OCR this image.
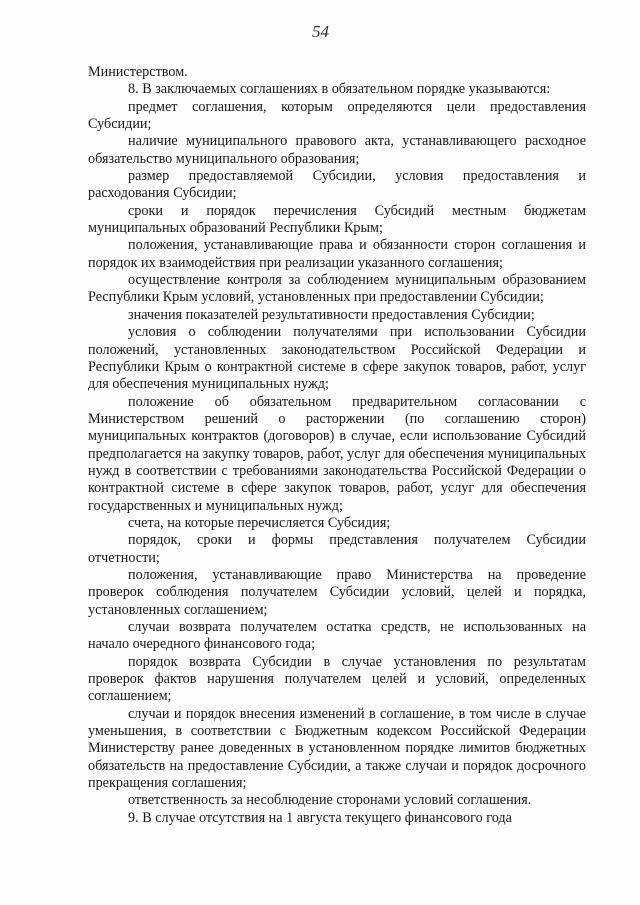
54

Министерством.

8. В заключаемых соглашениях в обязательном порядке указываются:

предмет соглашения, которым определяются цели предоставления Субсидии;

наличие муниципального правового акта, устанавливающего расходное обязательство муниципального образования;

размер предоставляемой Субсидии, условия предоставления и расходования Субсидии;

сроки и порядок перечисления Субсидий местным бюджетам муниципальных образований Республики Крым;

положения, устанавливающие права и обязанности сторон соглашения и порядок их взаимодействия при реализации указанного соглашения;

осуществление контроля за соблюдением муниципальным образованием Республики Крым условий, установленных при предоставлении Субсидии;

значения показателей результативности предоставления Субсидии;

условия о соблюдении получателями при использовании Субсидии положений, установленных законодательством Российской Федерации и Республики Крым о контрактной системе в сфере закупок товаров, работ, услуг для обеспечения муниципальных нужд;

положение об обязательном предварительном согласовании с Министерством решений о расторжении (по соглашению сторон) муниципальных контрактов (договоров) в случае, если использование Субсидий предполагается на закупку товаров, работ, услуг для обеспечения муниципальных нужд в соответствии с требованиями законодательства Российской Федерации о контрактной системе в сфере закупок товаров, работ, услуг для обеспечения государственных и муниципальных нужд;

счета, на которые перечисляется Субсидия;

порядок, сроки и формы представления получателем Субсидии отчетности;

положения, устанавливающие право Министерства на проведение проверок соблюдения получателем Субсидии условий, целей и порядка, установленных соглашением;

случаи возврата получателем остатка средств, не использованных на начало очередного финансового года;

порядок возврата Субсидии в случае установления по результатам проверок фактов нарушения получателем целей и условий, определенных соглашением;

случаи и порядок внесения изменений в соглашение, в том числе в случае уменьшения, в соответствии с Бюджетным кодексом Российской Федерации Министерству ранее доведенных в установленном порядке лимитов бюджетных обязательств на предоставление Субсидии, а также случаи и порядок досрочного прекращения соглашения;

ответственность за несоблюдение сторонами условий соглашения.

9. В случае отсутствия на 1 августа текущего финансового года
